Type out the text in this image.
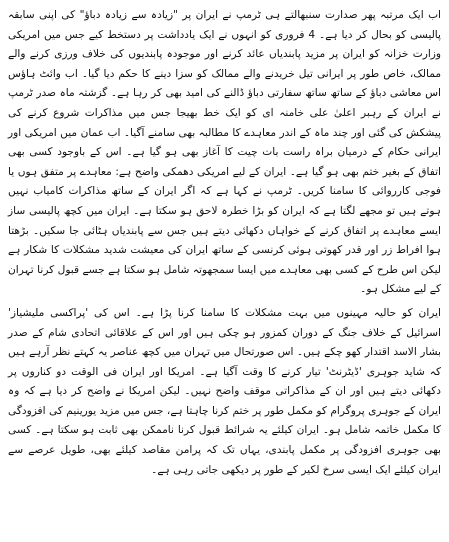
اب ایک مرتبہ پھر صدارت سنبھالتے ہی ٹرمپ نے ایران پر "زیادہ سے زیادہ دباؤ" کی اپنی سابقہ پالیسی کو بحال کر دیا ہے۔ 4 فروری کو انہوں نے ایک یادداشت پر دستخط کیے جس میں امریکی وزارت خزانہ کو ایران پر مزید پابندیاں عائد کرنے اور موجودہ پابندیوں کی خلاف ورزی کرنے والے ممالک، خاص طور پر ایرانی تیل خریدنے والے ممالک کو سزا دینے کا حکم دیا گیا۔ اب وائٹ ہاؤس اس معاشی دباؤ کے ساتھ ساتھ سفارتی دباؤ ڈالنے کی امید بھی کر رہا ہے۔ گزشتہ ماہ صدر ٹرمپ نے ایران کے رہبر اعلیٰ علی خامنہ ای کو ایک خط بھیجا جس میں مذاکرات شروع کرنے کی پیشکش کی گئی اور چند ماہ کے اندر معاہدے کا مطالبہ بھی سامنے آگیا۔ اب عمان میں امریکی اور ایرانی حکام کے درمیان براہ راست بات چیت کا آغاز بھی ہو گیا ہے۔ اس کے باوجود کسی بھی اتفاق کے بغیر ختم بھی ہو گیا ہے۔ ایران کے لیے امریکی دھمکی واضح ہے: معاہدے پر متفق ہوں یا فوجی کارروائی کا سامنا کریں۔ ٹرمپ نے کہا ہے کہ اگر ایران کے ساتھ مذاکرات کامیاب نہیں ہوتے ہیں تو مجھے لگتا ہے کہ ایران کو بڑا خطرہ لاحق ہو سکتا ہے۔ ایران میں کچھ پالیسی ساز ایسے معاہدے پر اتفاق کرنے کے خواہاں دکھائی دیتے ہیں جس سے پابندیاں ہٹائی جا سکیں۔ بڑھتا ہوا افراط زر اور قدر کھوتی ہوئی کرنسی کے ساتھ ایران کی معیشت شدید مشکلات کا شکار ہے لیکن اس طرح کے کسی بھی معاہدے میں ایسا سمجھوتہ شامل ہو سکتا ہے جسے قبول کرنا تہران کے لیے مشکل ہو۔

ایران کو حالیہ مہینوں میں بہت مشکلات کا سامنا کرنا پڑا ہے۔ اس کی 'پراکسی ملیشیاز' اسرائیل کے خلاف جنگ کے دوران کمزور ہو چکی ہیں اور اس کے علاقائی اتحادی شام کے صدر بشار الاسد اقتدار کھو چکے ہیں۔ اس صورتحال میں تہران میں کچھ عناصر یہ کہتے نظر آرہے ہیں کہ شاید جوہری 'ڈیٹرنٹ' تیار کرنے کا وقت آگیا ہے۔ امریکا اور ایران فی الوقت دو کناروں پر دکھائی دیتے ہیں اور ان کے مذاکراتی موقف واضح نہیں۔ لیکن امریکا نے واضح کر دیا ہے کہ وہ ایران کے جوہری پروگرام کو مکمل طور پر ختم کرنا چاہتا ہے، جس میں مزید یورینیم کی افزودگی کا مکمل خاتمہ شامل ہو۔ ایران کیلئے یہ شرائط قبول کرنا ناممکن بھی ثابت ہو سکتا ہے۔ کسی بھی جوہری افزودگی پر مکمل پابندی، یہاں تک کہ پرامن مقاصد کیلئے بھی، طویل عرصے سے ایران کیلئے ایک ایسی سرخ لکیر کے طور پر دیکھی جاتی رہی ہے۔
